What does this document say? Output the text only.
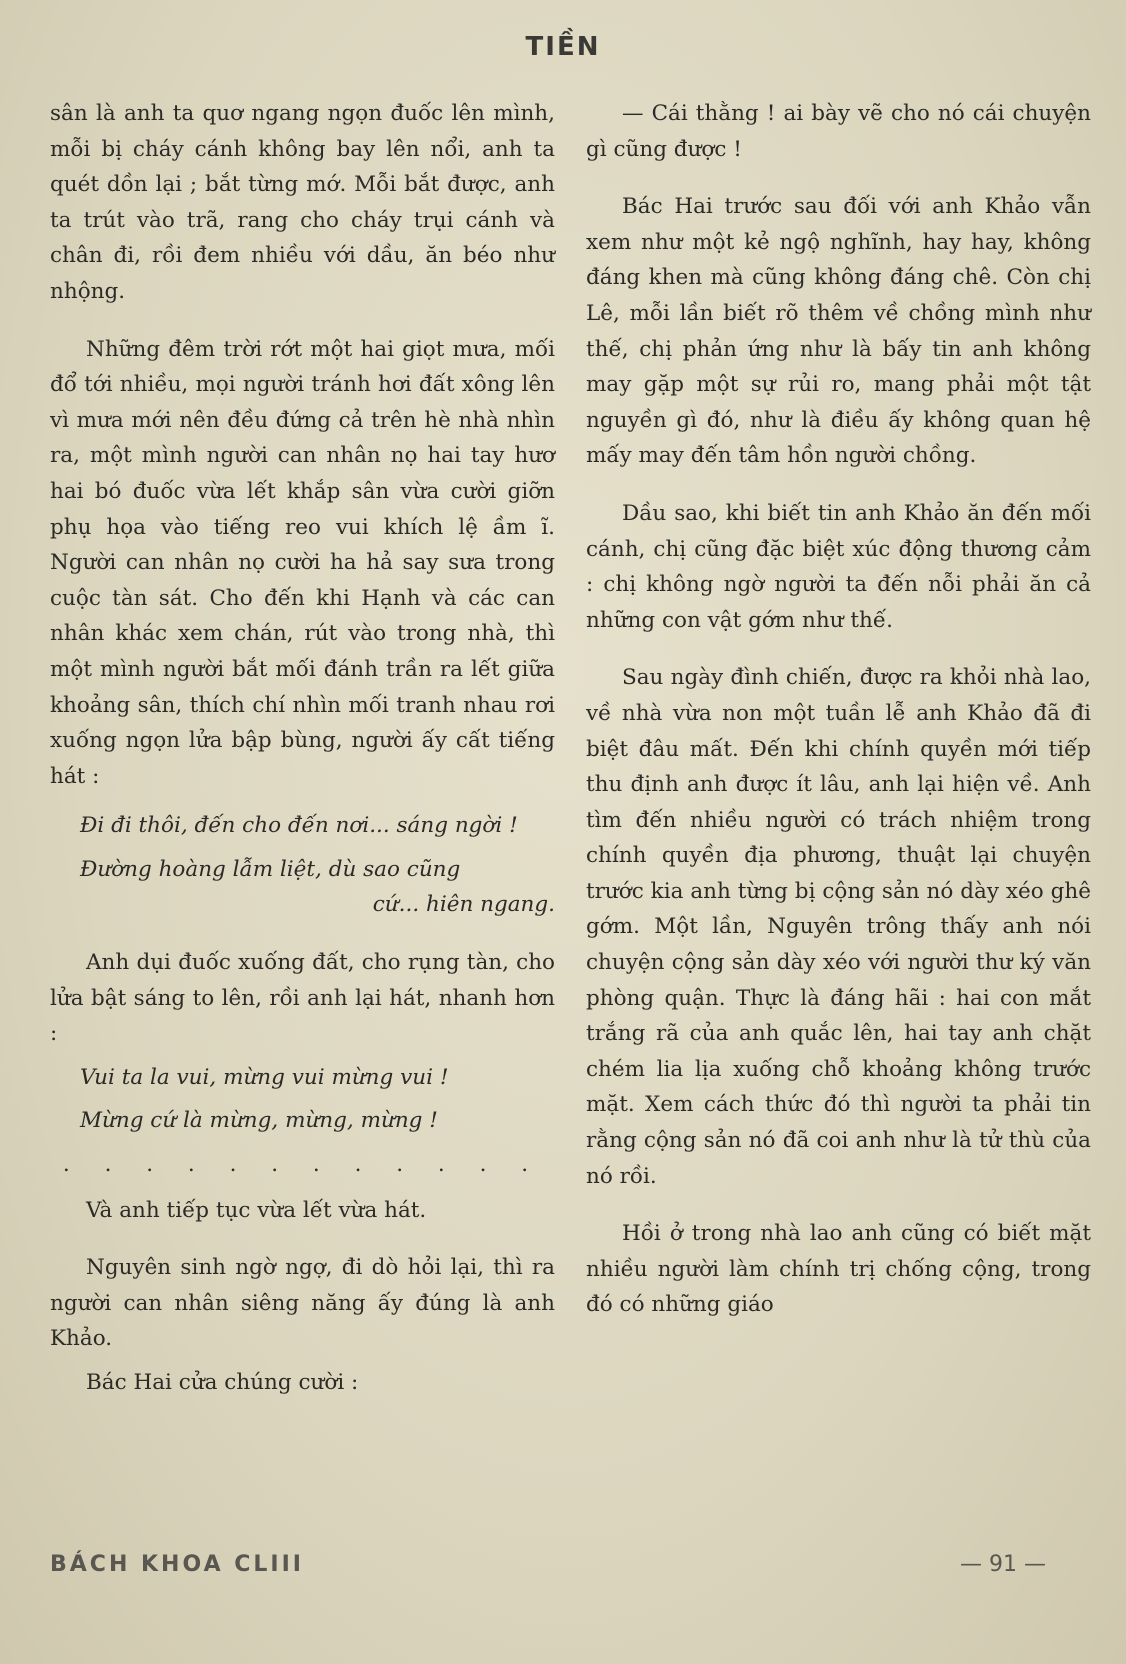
TIỀN

sân là anh ta quơ ngang ngọn đuốc lên mình, mỗi bị cháy cánh không bay lên nổi, anh ta quét dồn lại ; bắt từng mớ. Mỗi bắt được, anh ta trút vào trã, rang cho cháy trụi cánh và chân đi, rồi đem nhiều với dầu, ăn béo như nhộng.

Những đêm trời rớt một hai giọt mưa, mối đổ tới nhiều, mọi người tránh hơi đất xông lên vì mưa mới nên đều đứng cả trên hè nhà nhìn ra, một mình người can nhân nọ hai tay hươ hai bó đuốc vừa lết khắp sân vừa cười giỡn phụ họa vào tiếng reo vui khích lệ ầm ĩ. Người can nhân nọ cười ha hả say sưa trong cuộc tàn sát. Cho đến khi Hạnh và các can nhân khác xem chán, rút vào trong nhà, thì một mình người bắt mối đánh trần ra lết giữa khoảng sân, thích chí nhìn mối tranh nhau rơi xuống ngọn lửa bập bùng, người ấy cất tiếng hát :

Đi đi thôi, đến cho đến nơi... sáng ngời !

Đường hoàng lẫm liệt, dù sao cũng

cứ... hiên ngang.

Anh dụi đuốc xuống đất, cho rụng tàn, cho lửa bật sáng to lên, rồi anh lại hát, nhanh hơn :

Vui ta la vui, mừng vui mừng vui !

Mừng cứ là mừng, mừng, mừng !

. . . . . . . . . . . .

Và anh tiếp tục vừa lết vừa hát.

Nguyên sinh ngờ ngợ, đi dò hỏi lại, thì ra người can nhân siêng năng ấy đúng là anh Khảo.

Bác Hai cửa chúng cười :

— Cái thằng ! ai bày vẽ cho nó cái chuyện gì cũng được !

Bác Hai trước sau đối với anh Khảo vẫn xem như một kẻ ngộ nghĩnh, hay hay, không đáng khen mà cũng không đáng chê. Còn chị Lê, mỗi lần biết rõ thêm về chồng mình như thế, chị phản ứng như là bấy tin anh không may gặp một sự rủi ro, mang phải một tật nguyền gì đó, như là điều ấy không quan hệ mấy may đến tâm hồn người chồng.

Dầu sao, khi biết tin anh Khảo ăn đến mối cánh, chị cũng đặc biệt xúc động thương cảm : chị không ngờ người ta đến nỗi phải ăn cả những con vật gớm như thế.

Sau ngày đình chiến, được ra khỏi nhà lao, về nhà vừa non một tuần lễ anh Khảo đã đi biệt đâu mất. Đến khi chính quyền mới tiếp thu định anh được ít lâu, anh lại hiện về. Anh tìm đến nhiều người có trách nhiệm trong chính quyền địa phương, thuật lại chuyện trước kia anh từng bị cộng sản nó dày xéo ghê gớm. Một lần, Nguyên trông thấy anh nói chuyện cộng sản dày xéo với người thư ký văn phòng quận. Thực là đáng hãi : hai con mắt trắng rã của anh quắc lên, hai tay anh chặt chém lia lịa xuống chỗ khoảng không trước mặt. Xem cách thức đó thì người ta phải tin rằng cộng sản nó đã coi anh như là tử thù của nó rồi.

Hồi ở trong nhà lao anh cũng có biết mặt nhiều người làm chính trị chống cộng, trong đó có những giáo

BÁCH KHOA CLIII	— 91 —
